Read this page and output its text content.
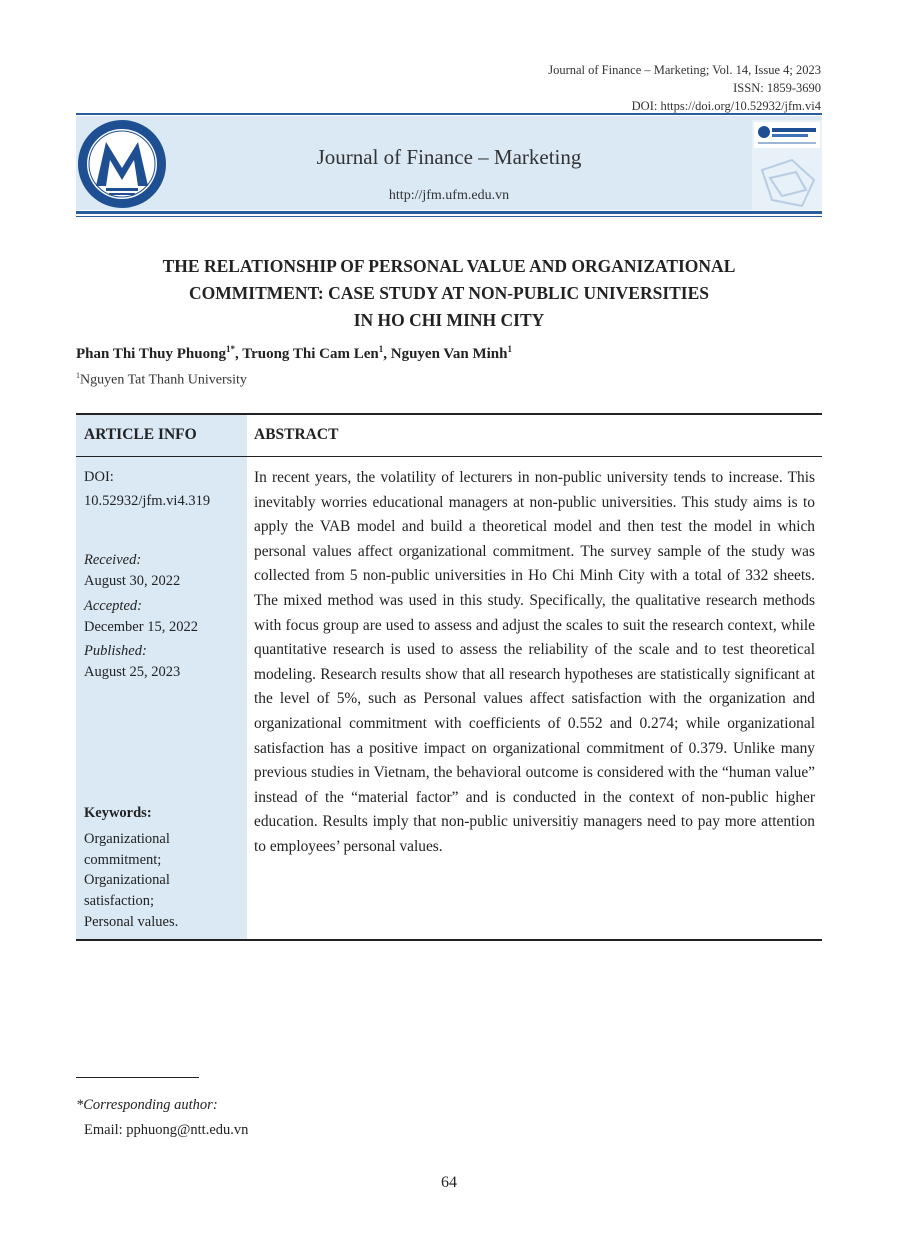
Journal of Finance – Marketing; Vol. 14, Issue 4; 2023
ISSN: 1859-3690
DOI: https://doi.org/10.52932/jfm.vi4
Journal of Finance – Marketing
http://jfm.ufm.edu.vn
THE RELATIONSHIP OF PERSONAL VALUE AND ORGANIZATIONAL
COMMITMENT: CASE STUDY AT NON-PUBLIC UNIVERSITIES
IN HO CHI MINH CITY
Phan Thi Thuy Phuong$^{1*}$, Truong Thi Cam Len$^1$, Nguyen Van Minh$^1$
$^1$Nguyen Tat Thanh University
ARTICLE INFO	ABSTRACT
DOI:
10.52932/jfm.vi4.319
Received:
August 30, 2022
Accepted:
December 15, 2022
Published:
August 25, 2023
Keywords:
Organizational
commitment;
Organizational
satisfaction;
Personal values.
In recent years, the volatility of lecturers in non-public university tends to increase. This inevitably worries educational managers at non-public universities. This study aims is to apply the VAB model and build a theoretical model and then test the model in which personal values affect organizational commitment. The survey sample of the study was collected from 5 non-public universities in Ho Chi Minh City with a total of 332 sheets. The mixed method was used in this study. Specifically, the qualitative research methods with focus group are used to assess and adjust the scales to suit the research context, while quantitative research is used to assess the reliability of the scale and to test theoretical modeling. Research results show that all research hypotheses are statistically significant at the level of 5%, such as Personal values affect satisfaction with the organization and organizational commitment with coefficients of 0.552 and 0.274; while organizational satisfaction has a positive impact on organizational commitment of 0.379. Unlike many previous studies in Vietnam, the behavioral outcome is considered with the “human value” instead of the “material factor” and is conducted in the context of non-public higher education. Results imply that non-public universitiy managers need to pay more attention to employees’ personal values.
*Corresponding author:
Email: pphuong@ntt.edu.vn
64
